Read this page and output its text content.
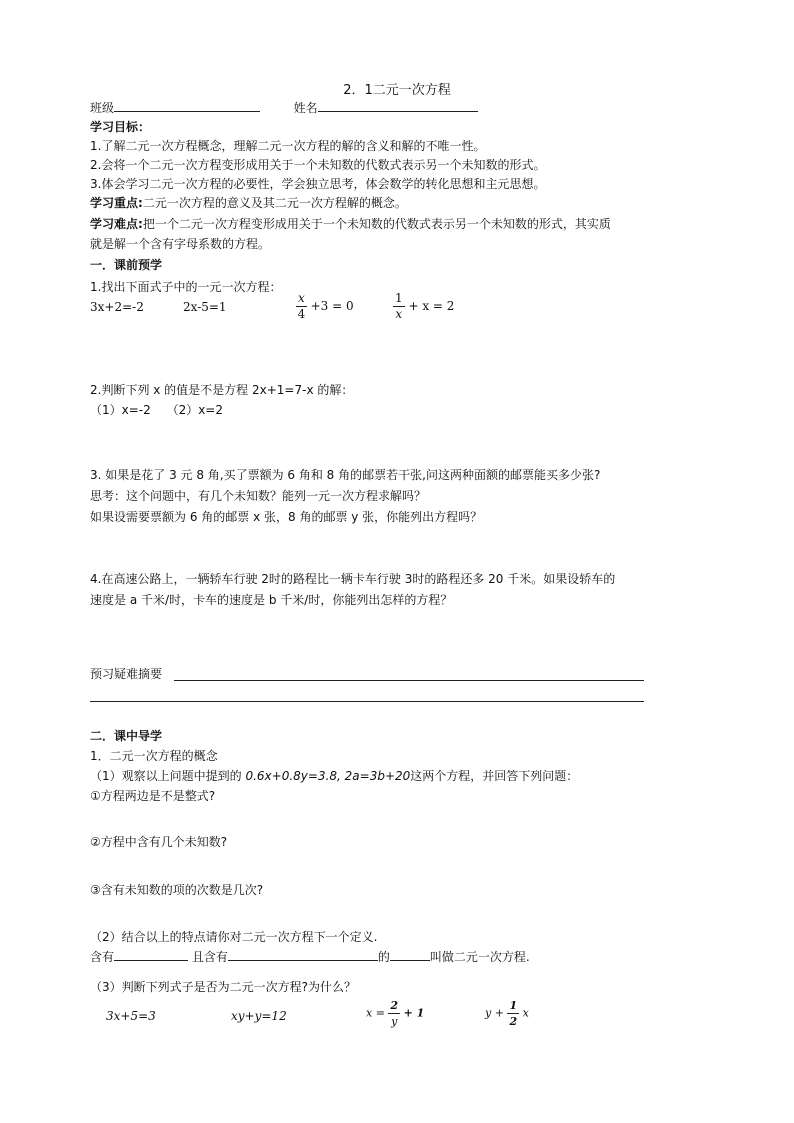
2．1二元一次方程
班级	姓名
学习目标：
1.了解二元一次方程概念，理解二元一次方程的解的含义和解的不唯一性。
2.会将一个二元一次方程变形成用关于一个未知数的代数式表示另一个未知数的形式。
3.体会学习二元一次方程的必要性，学会独立思考，体会数学的转化思想和主元思想。
学习重点:二元一次方程的意义及其二元一次方程解的概念。
学习难点:把一个二元一次方程变形成用关于一个未知数的代数式表示另一个未知数的形式，其实质
就是解一个含有字母系数的方程。
一．课前预学
1.找出下面式子中的一元一次方程：
3x+2=-2	2x-5=1	$\frac{x}{4} +3 = 0$	$\frac{1}{x} + x = 2$
2.判断下列 x 的值是不是方程 2x+1=7-x 的解：
（1）x=-2　 （2）x=2
3. 如果是花了 3 元 8 角,买了票额为 6 角和 8 角的邮票若干张,问这两种面额的邮票能买多少张?
思考：这个问题中，有几个未知数？能列一元一次方程求解吗？
如果设需要票额为 6 角的邮票 x 张，8 角的邮票 y 张，你能列出方程吗？
4.在高速公路上，一辆轿车行驶 2时的路程比一辆卡车行驶 3时的路程还多 20 千米。如果设轿车的
速度是 a 千米/时，卡车的速度是 b 千米/时，你能列出怎样的方程？
预习疑难摘要
二．课中导学
1．二元一次方程的概念
（1）观察以上问题中提到的 0.6x+0.8y=3.8, 2a=3b+20这两个方程，并回答下列问题：
①方程两边是不是整式?
②方程中含有几个未知数?
③含有未知数的项的次数是几次?
（2）结合以上的特点请你对二元一次方程下一个定义.
含有	且含有	的	叫做二元一次方程.
（3）判断下列式子是否为二元一次方程?为什么？
3x+5=3	xy+y=12	$x = \frac{2}{y} + 1$	$y + \frac{1}{2}$ x
